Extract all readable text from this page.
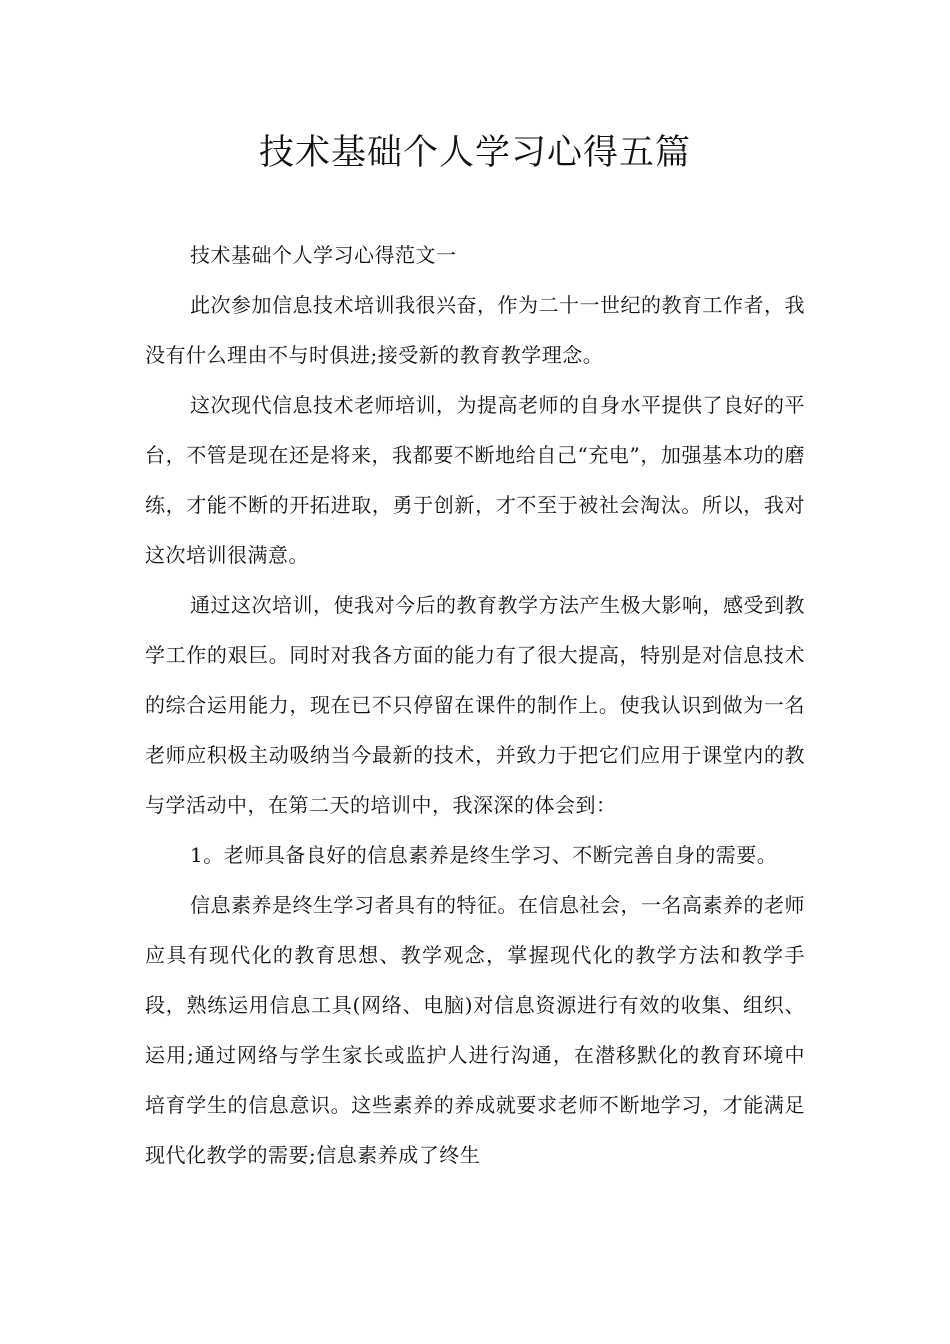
技术基础个人学习心得五篇

技术基础个人学习心得范文一

此次参加信息技术培训我很兴奋，作为二十一世纪的教育工作者，我没有什么理由不与时俱进;接受新的教育教学理念。

这次现代信息技术老师培训，为提高老师的自身水平提供了良好的平台，不管是现在还是将来，我都要不断地给自己“充电”，加强基本功的磨练，才能不断的开拓进取，勇于创新，才不至于被社会淘汰。所以，我对这次培训很满意。

通过这次培训，使我对今后的教育教学方法产生极大影响，感受到教学工作的艰巨。同时对我各方面的能力有了很大提高，特别是对信息技术的综合运用能力，现在已不只停留在课件的制作上。使我认识到做为一名老师应积极主动吸纳当今最新的技术，并致力于把它们应用于课堂内的教与学活动中，在第二天的培训中，我深深的体会到：

1。老师具备良好的信息素养是终生学习、不断完善自身的需要。

信息素养是终生学习者具有的特征。在信息社会，一名高素养的老师应具有现代化的教育思想、教学观念，掌握现代化的教学方法和教学手段，熟练运用信息工具(网络、电脑)对信息资源进行有效的收集、组织、运用;通过网络与学生家长或监护人进行沟通，在潜移默化的教育环境中培育学生的信息意识。这些素养的养成就要求老师不断地学习，才能满足现代化教学的需要;信息素养成了终生
